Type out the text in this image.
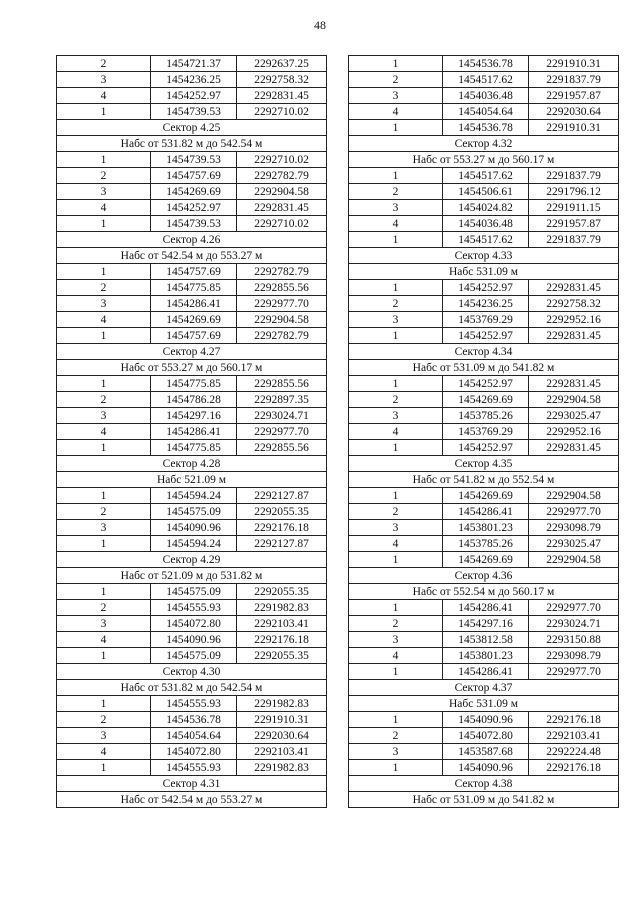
48
2	1454721.37	2292637.25
3	1454236.25	2292758.32
4	1454252.97	2292831.45
1	1454739.53	2292710.02
Сектор 4.25		
Набс от 531.82 м до 542.54 м		
1	1454739.53	2292710.02
2	1454757.69	2292782.79
3	1454269.69	2292904.58
4	1454252.97	2292831.45
1	1454739.53	2292710.02
Сектор 4.26		
Набс от 542.54 м до 553.27 м		
1	1454757.69	2292782.79
2	1454775.85	2292855.56
3	1454286.41	2292977.70
4	1454269.69	2292904.58
1	1454757.69	2292782.79
Сектор 4.27		
Набс от 553.27 м до 560.17 м		
1	1454775.85	2292855.56
2	1454786.28	2292897.35
3	1454297.16	2293024.71
4	1454286.41	2292977.70
1	1454775.85	2292855.56
Сектор 4.28		
Набс 521.09 м		
1	1454594.24	2292127.87
2	1454575.09	2292055.35
3	1454090.96	2292176.18
1	1454594.24	2292127.87
Сектор 4.29		
Набс от 521.09 м до 531.82 м		
1	1454575.09	2292055.35
2	1454555.93	2291982.83
3	1454072.80	2292103.41
4	1454090.96	2292176.18
1	1454575.09	2292055.35
Сектор 4.30		
Набс от 531.82 м до 542.54 м		
1	1454555.93	2291982.83
2	1454536.78	2291910.31
3	1454054.64	2292030.64
4	1454072.80	2292103.41
1	1454555.93	2291982.83
Сектор 4.31		
Набс от 542.54 м до 553.27 м		
1	1454536.78	2291910.31
2	1454517.62	2291837.79
3	1454036.48	2291957.87
4	1454054.64	2292030.64
1	1454536.78	2291910.31
Сектор 4.32		
Набс от 553.27 м до 560.17 м		
1	1454517.62	2291837.79
2	1454506.61	2291796.12
3	1454024.82	2291911.15
4	1454036.48	2291957.87
1	1454517.62	2291837.79
Сектор 4.33		
Набс 531.09 м		
1	1454252.97	2292831.45
2	1454236.25	2292758.32
3	1453769.29	2292952.16
1	1454252.97	2292831.45
Сектор 4.34		
Набс от 531.09 м до 541.82 м		
1	1454252.97	2292831.45
2	1454269.69	2292904.58
3	1453785.26	2293025.47
4	1453769.29	2292952.16
1	1454252.97	2292831.45
Сектор 4.35		
Набс от 541.82 м до 552.54 м		
1	1454269.69	2292904.58
2	1454286.41	2292977.70
3	1453801.23	2293098.79
4	1453785.26	2293025.47
1	1454269.69	2292904.58
Сектор 4.36		
Набс от 552.54 м до 560.17 м		
1	1454286.41	2292977.70
2	1454297.16	2293024.71
3	1453812.58	2293150.88
4	1453801.23	2293098.79
1	1454286.41	2292977.70
Сектор 4.37		
Набс 531.09 м		
1	1454090.96	2292176.18
2	1454072.80	2292103.41
3	1453587.68	2292224.48
1	1454090.96	2292176.18
Сектор 4.38		
Набс от 531.09 м до 541.82 м		
